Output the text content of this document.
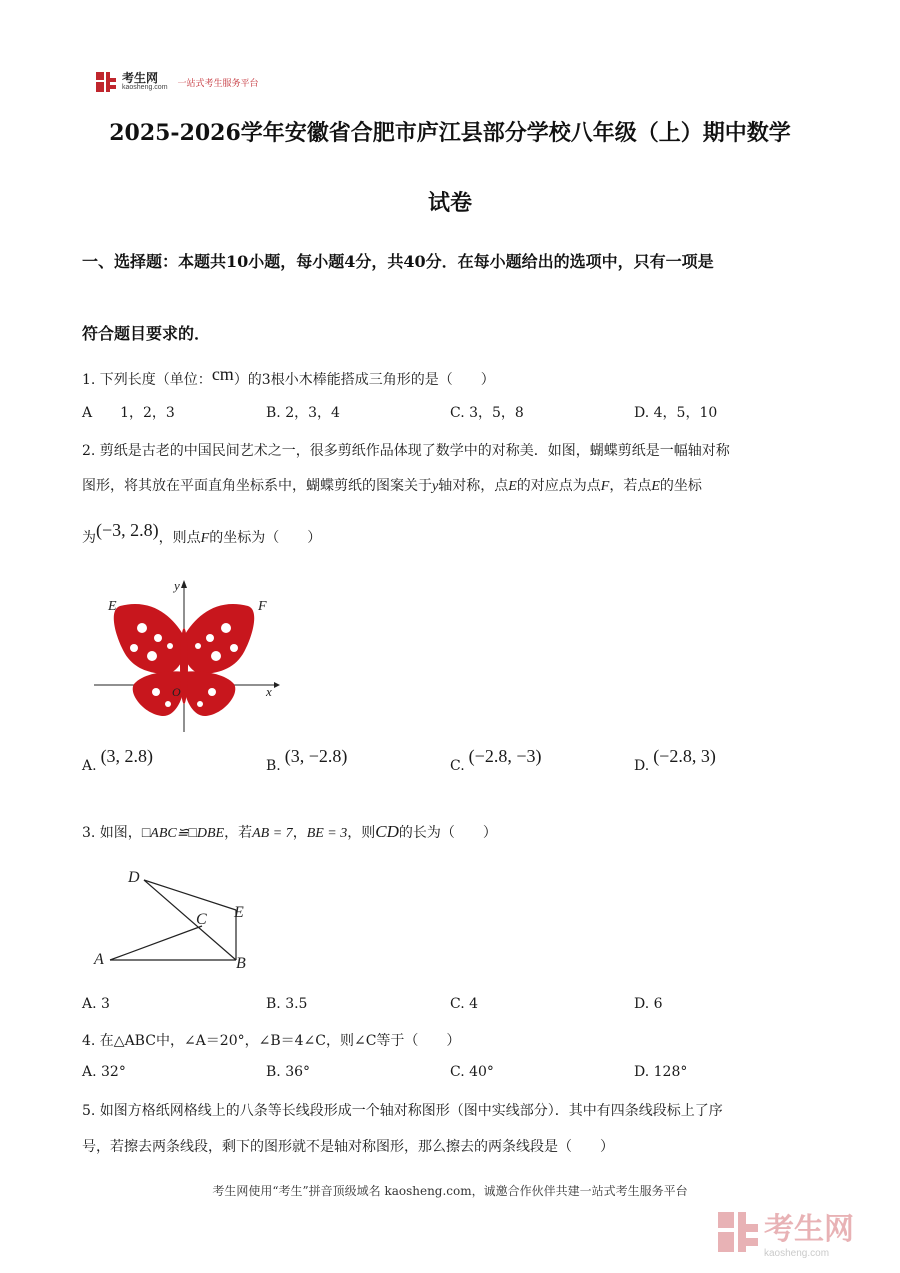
考生网
kaosheng.com 一站式考生服务平台
2025-2026学年安徽省合肥市庐江县部分学校八年级（上）期中数学
试卷
一、选择题：本题共10小题，每小题4分，共40分．在每小题给出的选项中，只有一项是
符合题目要求的．
1. 下列长度（单位：cm）的3根小木棒能搭成三角形的是（　　）
A　　1，2，3	B. 2，3，4	C. 3，5，8	D. 4，5，10
2. 剪纸是古老的中国民间艺术之一，很多剪纸作品体现了数学中的对称美．如图，蝴蝶剪纸是一幅轴对称
图形，将其放在平面直角坐标系中，蝴蝶剪纸的图案关于y轴对称，点E的对应点为点F，若点E的坐标
为(−3, 2.8)，则点F的坐标为（　　）
E	F
x
y
O
A. (3, 2.8)	B. (3, −2.8)	C. (−2.8, −3)	D. (−2.8, 3)
3. 如图，□ABC≌□DBE，若AB = 7，BE = 3，则CD的长为（　　）
D
E
C
A	B
A. 3	B. 3.5	C. 4	D. 6
4. 在△ABC中，∠A＝20°，∠B＝4∠C，则∠C等于（　　）
A. 32°	B. 36°	C. 40°	D. 128°
5. 如图方格纸网格线上的八条等长线段形成一个轴对称图形（图中实线部分）．其中有四条线段标上了序
号，若擦去两条线段，剩下的图形就不是轴对称图形，那么擦去的两条线段是（　　）
考生网使用“考生”拼音顶级域名 kaosheng.com，诚邀合作伙伴共建一站式考生服务平台
考生网
kaosheng.com
